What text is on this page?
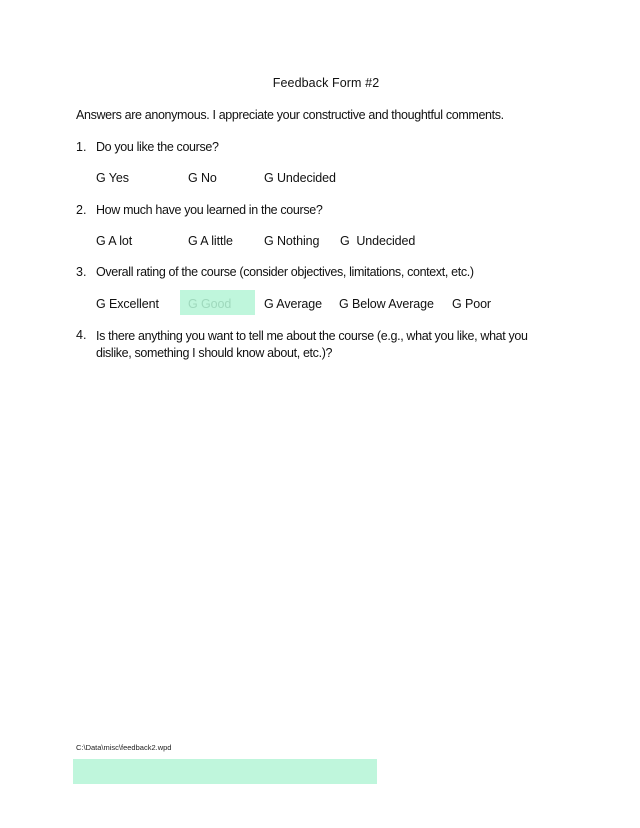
Feedback Form #2
Answers are anonymous. I appreciate your constructive and thoughtful comments.
1. Do you like the course?
G Yes	G No	G Undecided
2. How much have you learned in the course?
G A lot	G A little G Nothing G  Undecided
3. Overall rating of the course (consider objectives, limitations, context, etc.)
G Excellent G Good	G Average G Below Average G Poor
4. Is there anything you want to tell me about the course (e.g., what you like, what you dislike, something I should know about, etc.)?
C:\Data\misc\feedback2.wpd
